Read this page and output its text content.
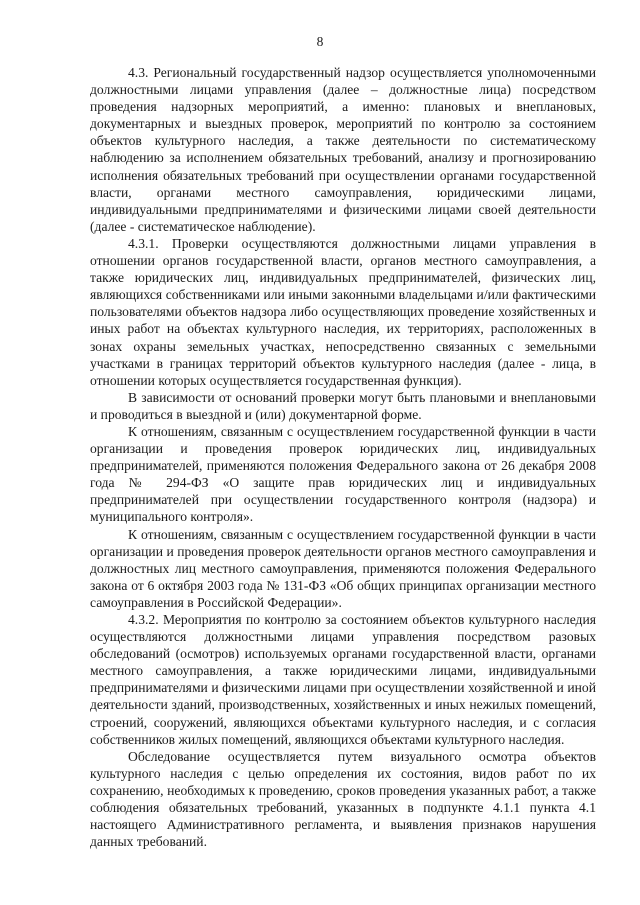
8

4.3. Региональный государственный надзор осуществляется уполномоченными должностными лицами управления (далее – должностные лица) посредством проведения надзорных мероприятий, а именно: плановых и внеплановых, документарных и выездных проверок, мероприятий по контролю за состоянием объектов культурного наследия, а также деятельности по систематическому наблюдению за исполнением обязательных требований, анализу и прогнозированию исполнения обязательных требований при осуществлении органами государственной власти, органами местного самоуправления, юридическими лицами, индивидуальными предпринимателями и физическими лицами своей деятельности (далее - систематическое наблюдение).

4.3.1. Проверки осуществляются должностными лицами управления в отношении органов государственной власти, органов местного самоуправления, а также юридических лиц, индивидуальных предпринимателей, физических лиц, являющихся собственниками или иными законными владельцами и/или фактическими пользователями объектов надзора либо осуществляющих проведение хозяйственных и иных работ на объектах культурного наследия, их территориях, расположенных в зонах охраны земельных участках, непосредственно связанных с земельными участками в границах территорий объектов культурного наследия (далее - лица, в отношении которых осуществляется государственная функция).

В зависимости от оснований проверки могут быть плановыми и внеплановыми и проводиться в выездной и (или) документарной форме.

К отношениям, связанным с осуществлением государственной функции в части организации и проведения проверок юридических лиц, индивидуальных предпринимателей, применяются положения Федерального закона от 26 декабря 2008 года № 294-ФЗ «О защите прав юридических лиц и индивидуальных предпринимателей при осуществлении государственного контроля (надзора) и муниципального контроля».

К отношениям, связанным с осуществлением государственной функции в части организации и проведения проверок деятельности органов местного самоуправления и должностных лиц местного самоуправления, применяются положения Федерального закона от 6 октября 2003 года № 131-ФЗ «Об общих принципах организации местного самоуправления в Российской Федерации».

4.3.2. Мероприятия по контролю за состоянием объектов культурного наследия осуществляются должностными лицами управления посредством разовых обследований (осмотров) используемых органами государственной власти, органами местного самоуправления, а также юридическими лицами, индивидуальными предпринимателями и физическими лицами при осуществлении хозяйственной и иной деятельности зданий, производственных, хозяйственных и иных нежилых помещений, строений, сооружений, являющихся объектами культурного наследия, и с согласия собственников жилых помещений, являющихся объектами культурного наследия.

Обследование осуществляется путем визуального осмотра объектов культурного наследия с целью определения их состояния, видов работ по их сохранению, необходимых к проведению, сроков проведения указанных работ, а также соблюдения обязательных требований, указанных в подпункте 4.1.1 пункта 4.1 настоящего Административного регламента, и выявления признаков нарушения данных требований.
